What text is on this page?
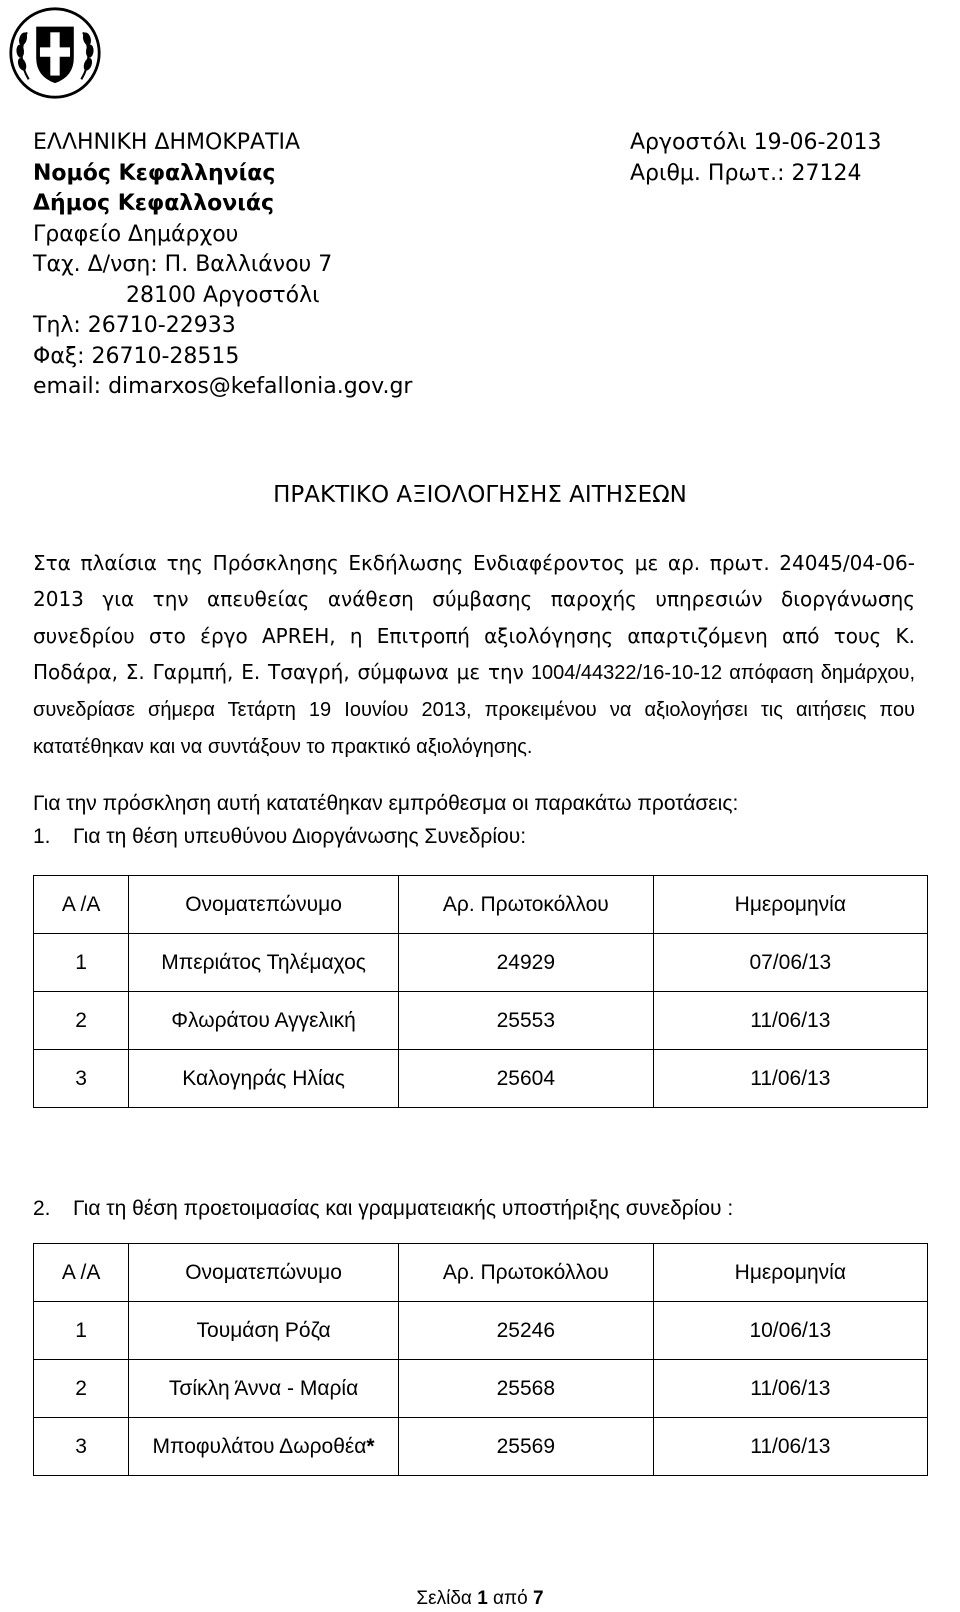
ΕΛΛΗΝΙΚΗ ΔΗΜΟΚΡΑΤΙΑ
Νομός Κεφαλληνίας
Δήμος Κεφαλλονιάς
Γραφείο Δημάρχου
Ταχ. Δ/νση: Π. Βαλλιάνου 7
28100 Αργοστόλι
Τηλ: 26710-22933
Φαξ: 26710-28515
email: dimarxos@kefallonia.gov.gr
Αργοστόλι 19-06-2013
Αριθμ. Πρωτ.: 27124
ΠΡΑΚΤΙΚΟ ΑΞΙΟΛΟΓΗΣΗΣ ΑΙΤΗΣΕΩΝ
Στα πλαίσια της Πρόσκλησης Εκδήλωσης Ενδιαφέροντος με αρ. πρωτ. 24045/04-06-2013 για την απευθείας ανάθεση σύμβασης παροχής υπηρεσιών διοργάνωσης συνεδρίου στο έργο APREH, η Επιτροπή αξιολόγησης απαρτιζόμενη από τους Κ. Ποδάρα, Σ. Γαρμπή, Ε. Τσαγρή, σύμφωνα με την 1004/44322/16-10-12 απόφαση δημάρχου, συνεδρίασε σήμερα Τετάρτη 19 Ιουνίου 2013, προκειμένου να αξιολογήσει τις αιτήσεις που κατατέθηκαν και να συντάξουν το πρακτικό αξιολόγησης.
Για την πρόσκληση αυτή κατατέθηκαν εμπρόθεσμα οι παρακάτω προτάσεις:
1. Για τη θέση υπευθύνου Διοργάνωσης Συνεδρίου:
Α /Α	Ονοματεπώνυμο	Αρ. Πρωτοκόλλου	Ημερομηνία
1	Μπεριάτος Τηλέμαχος	24929	07/06/13
2	Φλωράτου Αγγελική	25553	11/06/13
3	Καλογηράς Ηλίας	25604	11/06/13
2. Για τη θέση προετοιμασίας και γραμματειακής υποστήριξης συνεδρίου :
Α /Α	Ονοματεπώνυμο	Αρ. Πρωτοκόλλου	Ημερομηνία
1	Τουμάση Ρόζα	25246	10/06/13
2	Τσίκλη Άννα - Μαρία	25568	11/06/13
3	Μποφυλάτου Δωροθέα*	25569	11/06/13
Σελίδα 1 από 7
